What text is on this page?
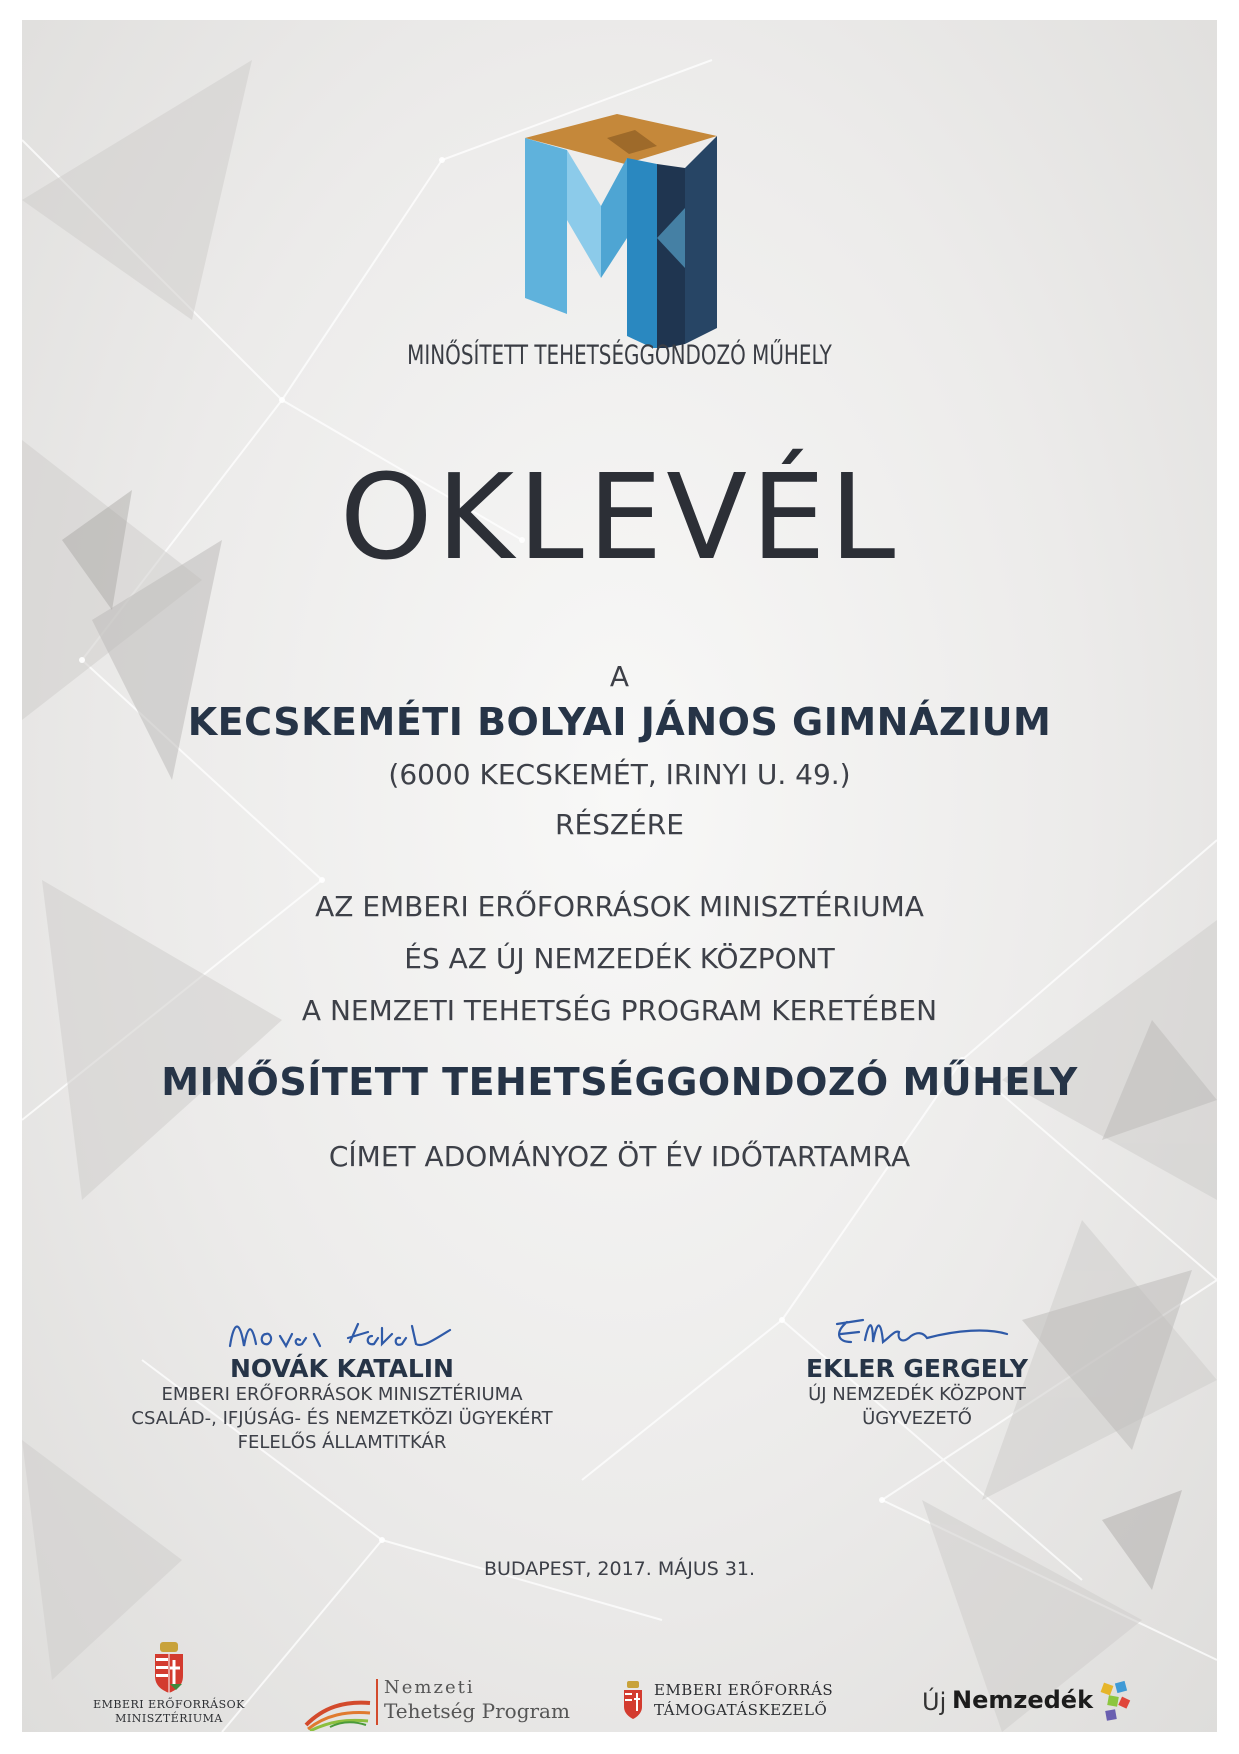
MINŐSÍTETT TEHETSÉGGONDOZÓ MŰHELY
OKLEVÉL
A
KECSKEMÉTI BOLYAI JÁNOS GIMNÁZIUM
(6000 KECSKEMÉT, IRINYI U. 49.)
RÉSZÉRE
AZ EMBERI ERŐFORRÁSOK MINISZTÉRIUMA
ÉS AZ ÚJ NEMZEDÉK KÖZPONT
A NEMZETI TEHETSÉG PROGRAM KERETÉBEN
MINŐSÍTETT TEHETSÉGGONDOZÓ MŰHELY
CÍMET ADOMÁNYOZ ÖT ÉV IDŐTARTAMRA
NOVÁK KATALIN
EMBERI ERŐFORRÁSOK MINISZTÉRIUMA
CSALÁD-, IFJÚSÁG- ÉS NEMZETKÖZI ÜGYEKÉRT
FELELŐS ÁLLAMTITKÁR
EKLER GERGELY
ÚJ NEMZEDÉK KÖZPONT
ÜGYVEZETŐ
BUDAPEST, 2017. MÁJUS 31.
EMBERI ERŐFORRÁSOK
MINISZTÉRIUMA
Nemzeti
Tehetség Program
EMBERI ERŐFORRÁS
TÁMOGATÁSKEZELŐ	Új Nemzedék
